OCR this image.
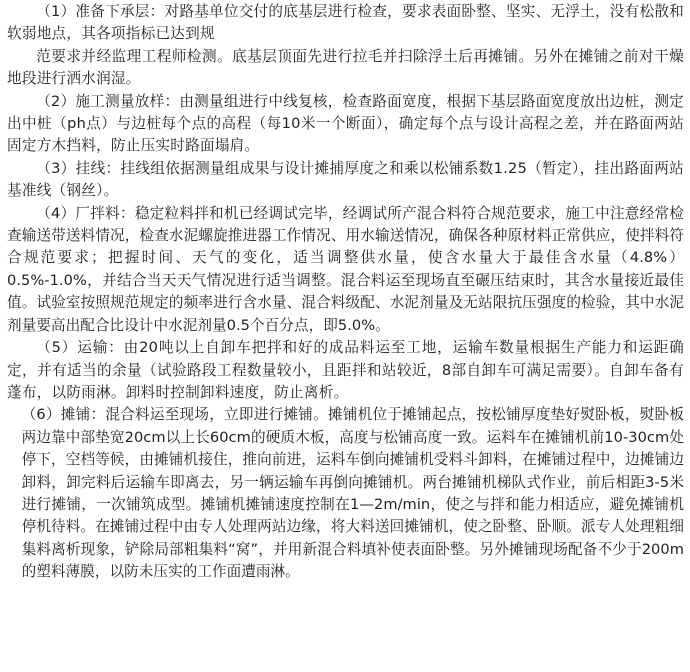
（1）准备下承层：对路基单位交付的底基层进行检查，要求表面卧整、坚实、无浮土，没有松散和软弱地点，其各项指标已达到规

范要求并经监理工程师检测。底基层顶面先进行拉毛并扫除浮土后再摊铺。另外在摊铺之前对干燥地段进行洒水润湿。

（2）施工测量放样：由测量组进行中线复核，检查路面宽度，根据下基层路面宽度放出边桩，测定出中桩（ph点）与边桩每个点的高程（每10米一个断面），确定每个点与设计高程之差，并在路面两站固定方木挡料，防止压实时路面塌肩。

（3）挂线：挂线组依据测量组成果与设计摊捕厚度之和乘以松铺系数1.25（暂定），挂出路面两站基准线（钢丝）。

（4）厂拌料：稳定粒料拌和机已经调试完毕，经调试所产混合料符合规范要求，施工中注意经常检查输送带送料情况，检查水泥螺旋推进器工作情况、用水输送情况，确保各种原材料正常供应，使拌料符合规范要求；把握时间、天气的变化，适当调整供水量，使含水量大于最佳含水量（4.8%）0.5%-1.0%，并结合当天天气情况进行适当调整。混合料运至现场直至碾压结束时，其含水量接近最佳值。试验室按照规范规定的频率进行含水量、混合料级配、水泥剂量及无站限抗压强度的检验，其中水泥剂量要高出配合比设计中水泥剂量0.5个百分点，即5.0%。

（5）运输：由20吨以上自卸车把拌和好的成品料运至工地，运输车数量根据生产能力和运距确定，并有适当的余量（试验路段工程数量较小，且距拌和站较近，8部自卸车可满足需要）。自卸车备有蓬布，以防雨淋。卸料时控制卸料速度，防止离析。

（6）摊铺：混合料运至现场，立即进行摊铺。摊铺机位于摊铺起点，按松铺厚度垫好熨卧板，熨卧板两边靠中部垫宽20cm以上长60cm的硬质木板，高度与松铺高度一致。运料车在摊铺机前10-30cm处停下，空档等候，由摊铺机接住，推向前进，运料车倒向摊铺机受料斗卸料，在摊铺过程中，边摊铺边卸料，卸完料后运输车即离去，另一辆运输车再倒向摊铺机。两台摊铺机梯队式作业，前后相距3-5米进行摊铺，一次铺筑成型。摊铺机摊铺速度控制在1—2m/min，使之与拌和能力相适应，避免摊铺机停机待料。在摊铺过程中由专人处理两站边缘，将大料送回摊铺机，使之卧整、卧顺。派专人处理粗细集料离析现象，铲除局部粗集料“窝”，并用新混合料填补使表面卧整。另外摊铺现场配备不少于200m的塑料薄膜，以防未压实的工作面遭雨淋。
